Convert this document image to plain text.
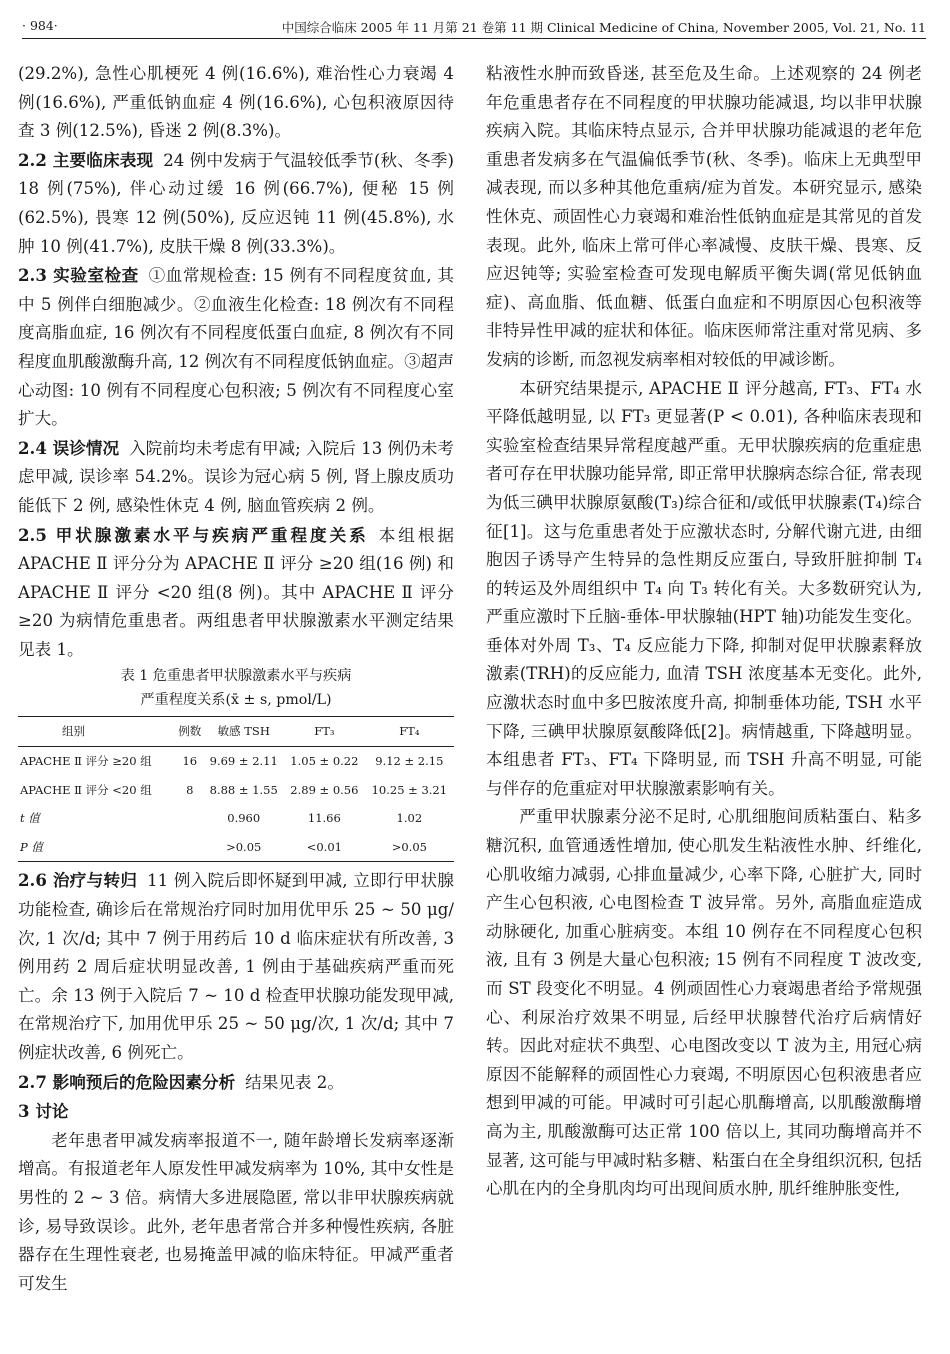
· 984·	中国综合临床 2005 年 11 月第 21 卷第 11 期 Clinical Medicine of China, November 2005, Vol. 21, No. 11

(29.2%), 急性心肌梗死 4 例(16.6%), 难治性心力衰竭 4 例(16.6%), 严重低钠血症 4 例(16.6%), 心包积液原因待查 3 例(12.5%), 昏迷 2 例(8.3%)。

2.2 主要临床表现 24 例中发病于气温较低季节(秋、冬季) 18 例(75%), 伴心动过缓 16 例(66.7%), 便秘 15 例(62.5%), 畏寒 12 例(50%), 反应迟钝 11 例(45.8%), 水肿 10 例(41.7%), 皮肤干燥 8 例(33.3%)。

2.3 实验室检查 ①血常规检查: 15 例有不同程度贫血, 其中 5 例伴白细胞减少。②血液生化检查: 18 例次有不同程度高脂血症, 16 例次有不同程度低蛋白血症, 8 例次有不同程度血肌酸激酶升高, 12 例次有不同程度低钠血症。③超声心动图: 10 例有不同程度心包积液; 5 例次有不同程度心室扩大。

2.4 误诊情况 入院前均未考虑有甲减; 入院后 13 例仍未考虑甲减, 误诊率 54.2%。误诊为冠心病 5 例, 肾上腺皮质功能低下 2 例, 感染性休克 4 例, 脑血管疾病 2 例。

2.5 甲状腺激素水平与疾病严重程度关系 本组根据 APACHE Ⅱ 评分分为 APACHE Ⅱ 评分 ≥20 组(16 例) 和 APACHE Ⅱ 评分 <20 组(8 例)。其中 APACHE Ⅱ 评分 ≥20 为病情危重患者。两组患者甲状腺激素水平测定结果见表 1。

表 1 危重患者甲状腺激素水平与疾病
严重程度关系(x̄ ± s, pmol/L)
组别	例数	敏感 TSH	FT₃	FT₄
APACHE Ⅱ 评分 ≥20 组	16	9.69 ± 2.11	1.05 ± 0.22	9.12 ± 2.15
APACHE Ⅱ 评分 <20 组	8	8.88 ± 1.55	2.89 ± 0.56	10.25 ± 3.21
t 值		0.960	11.66	1.02
P 值		>0.05	<0.01	>0.05

2.6 治疗与转归 11 例入院后即怀疑到甲减, 立即行甲状腺功能检查, 确诊后在常规治疗同时加用优甲乐 25 ~ 50 μg/次, 1 次/d; 其中 7 例于用药后 10 d 临床症状有所改善, 3 例用药 2 周后症状明显改善, 1 例由于基础疾病严重而死亡。余 13 例于入院后 7 ~ 10 d 检查甲状腺功能发现甲减, 在常规治疗下, 加用优甲乐 25 ~ 50 μg/次, 1 次/d; 其中 7 例症状改善, 6 例死亡。

2.7 影响预后的危险因素分析 结果见表 2。

3 讨论

老年患者甲减发病率报道不一, 随年龄增长发病率逐渐增高。有报道老年人原发性甲减发病率为 10%, 其中女性是男性的 2 ~ 3 倍。病情大多进展隐匿, 常以非甲状腺疾病就诊, 易导致误诊。此外, 老年患者常合并多种慢性疾病, 各脏器存在生理性衰老, 也易掩盖甲减的临床特征。甲减严重者可发生

粘液性水肿而致昏迷, 甚至危及生命。上述观察的 24 例老年危重患者存在不同程度的甲状腺功能减退, 均以非甲状腺疾病入院。其临床特点显示, 合并甲状腺功能减退的老年危重患者发病多在气温偏低季节(秋、冬季)。临床上无典型甲减表现, 而以多种其他危重病/症为首发。本研究显示, 感染性休克、顽固性心力衰竭和难治性低钠血症是其常见的首发表现。此外, 临床上常可伴心率减慢、皮肤干燥、畏寒、反应迟钝等; 实验室检查可发现电解质平衡失调(常见低钠血症)、高血脂、低血糖、低蛋白血症和不明原因心包积液等非特异性甲减的症状和体征。临床医师常注重对常见病、多发病的诊断, 而忽视发病率相对较低的甲减诊断。

本研究结果提示, APACHE Ⅱ 评分越高, FT₃、FT₄ 水平降低越明显, 以 FT₃ 更显著(P < 0.01), 各种临床表现和实验室检查结果异常程度越严重。无甲状腺疾病的危重症患者可存在甲状腺功能异常, 即正常甲状腺病态综合征, 常表现为低三碘甲状腺原氨酸(T₃)综合征和/或低甲状腺素(T₄)综合征[1]。这与危重患者处于应激状态时, 分解代谢亢进, 由细胞因子诱导产生特异的急性期反应蛋白, 导致肝脏抑制 T₄ 的转运及外周组织中 T₄ 向 T₃ 转化有关。大多数研究认为, 严重应激时下丘脑-垂体-甲状腺轴(HPT 轴)功能发生变化。垂体对外周 T₃、T₄ 反应能力下降, 抑制对促甲状腺素释放激素(TRH)的反应能力, 血清 TSH 浓度基本无变化。此外, 应激状态时血中多巴胺浓度升高, 抑制垂体功能, TSH 水平下降, 三碘甲状腺原氨酸降低[2]。病情越重, 下降越明显。本组患者 FT₃、FT₄ 下降明显, 而 TSH 升高不明显, 可能与伴存的危重症对甲状腺激素影响有关。

严重甲状腺素分泌不足时, 心肌细胞间质粘蛋白、粘多糖沉积, 血管通透性增加, 使心肌发生粘液性水肿、纤维化, 心肌收缩力减弱, 心排血量减少, 心率下降, 心脏扩大, 同时产生心包积液, 心电图检查 T 波异常。另外, 高脂血症造成动脉硬化, 加重心脏病变。本组 10 例存在不同程度心包积液, 且有 3 例是大量心包积液; 15 例有不同程度 T 波改变, 而 ST 段变化不明显。4 例顽固性心力衰竭患者给予常规强心、利尿治疗效果不明显, 后经甲状腺替代治疗后病情好转。因此对症状不典型、心电图改变以 T 波为主, 用冠心病原因不能解释的顽固性心力衰竭, 不明原因心包积液患者应想到甲减的可能。甲减时可引起心肌酶增高, 以肌酸激酶增高为主, 肌酸激酶可达正常 100 倍以上, 其同功酶增高并不显著, 这可能与甲减时粘多糖、粘蛋白在全身组织沉积, 包括心肌在内的全身肌肉均可出现间质水肿, 肌纤维肿胀变性,
